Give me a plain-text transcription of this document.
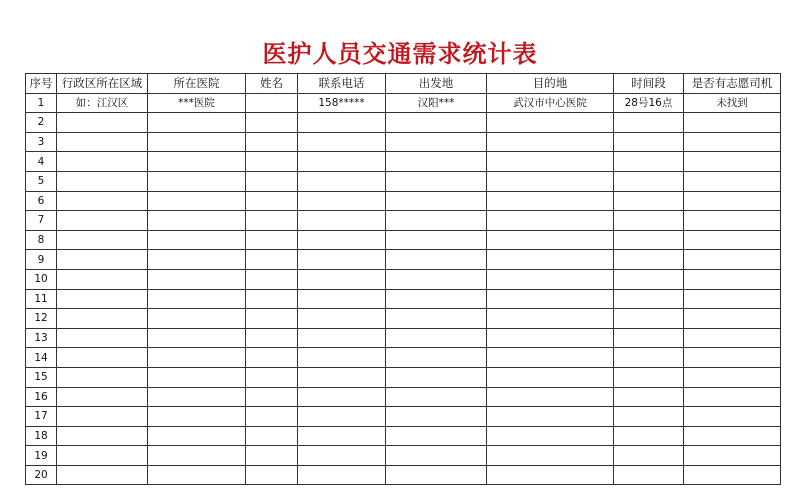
医护人员交通需求统计表
序号	行政区所在区域	所在医院	姓名	联系电话	出发地	目的地	时间段	是否有志愿司机
1	如：江汉区	***医院		158*****	汉阳***	武汉市中心医院	28号16点	未找到
2								
3								
4								
5								
6								
7								
8								
9								
10								
11								
12								
13								
14								
15								
16								
17								
18								
19								
20								
